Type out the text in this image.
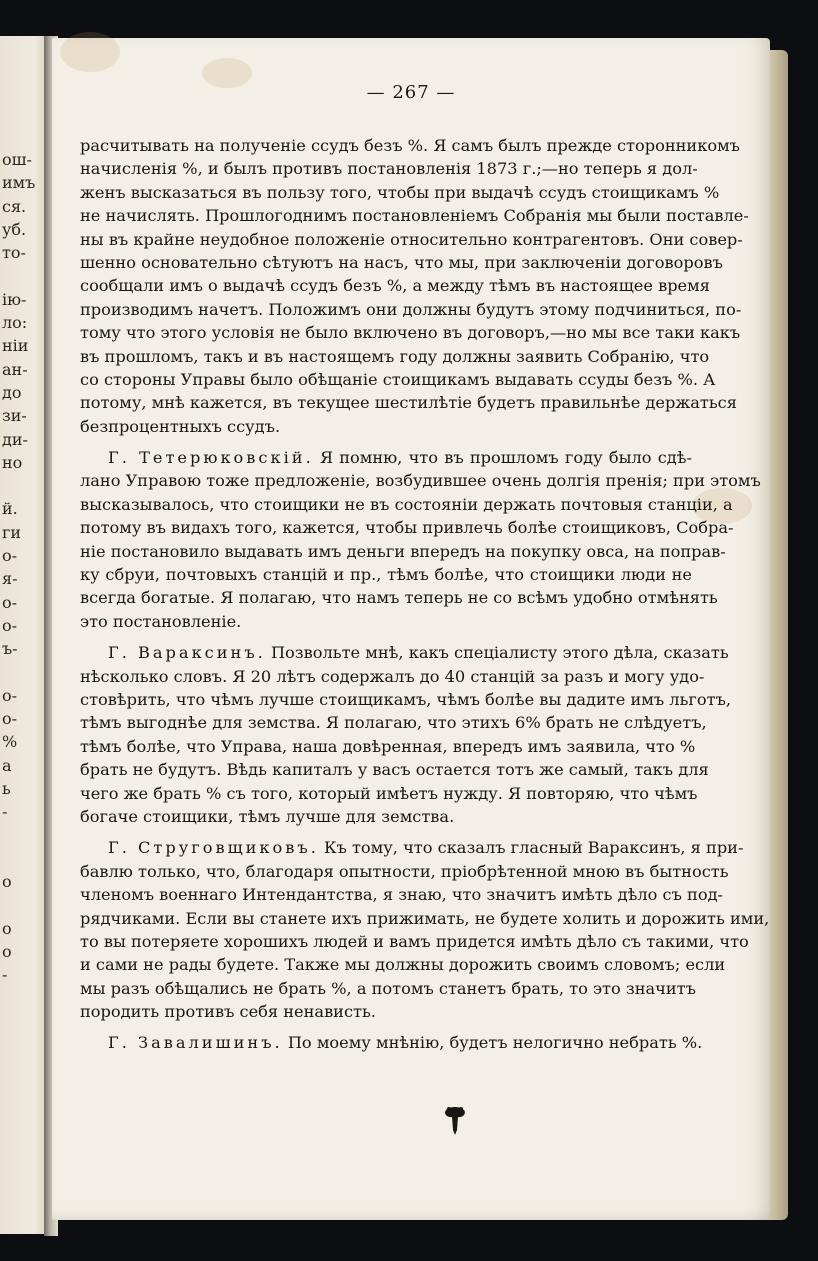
ош-
имъ
ся.
уб.
то-
ію-
ло:
ніи
ан-
до
зи-
ди-
но
й.
ги
о-
я-
о-
о-
ъ-
о-
о-
%
а
ь
-
о
о
о
-
— 267 —
расчитывать на полученіе ссудъ безъ %. Я самъ былъ прежде сторонникомъ
начисленія %, и былъ противъ постановленія 1873 г.;—но теперь я дол-
женъ высказаться въ пользу того, чтобы при выдачѣ ссудъ стоищикамъ %
не начислять. Прошлогоднимъ постановленіемъ Собранія мы были поставле-
ны въ крайне неудобное положеніе относительно контрагентовъ. Они совер-
шенно основательно сѣтуютъ на насъ, что мы, при заключеніи договоровъ
сообщали имъ о выдачѣ ссудъ безъ %, а между тѣмъ въ настоящее время
производимъ начетъ. Положимъ они должны будутъ этому подчиниться, по-
тому что этого условія не было включено въ договоръ,—но мы все таки какъ
въ прошломъ, такъ и въ настоящемъ году должны заявить Собранію, что
со стороны Управы было обѣщаніе стоищикамъ выдавать ссуды безъ %. А
потому, мнѣ кажется, въ текущее шестилѣтіе будетъ правильнѣе держаться
безпроцентныхъ ссудъ.
Г. Тетерюковскій. Я помню, что въ прошломъ году было сдѣ-
лано Управою тоже предложеніе, возбудившее очень долгія пренія; при этомъ
высказывалось, что стоищики не въ состояніи держать почтовыя станціи, а
потому въ видахъ того, кажется, чтобы привлечь болѣе стоищиковъ, Собра-
ніе постановило выдавать имъ деньги впередъ на покупку овса, на поправ-
ку сбруи, почтовыхъ станцій и пр., тѣмъ болѣе, что стоищики люди не
всегда богатые. Я полагаю, что намъ теперь не со всѣмъ удобно отмѣнять
это постановленіе.
Г. Вараксинъ. Позвольте мнѣ, какъ спеціалисту этого дѣла, сказать
нѣсколько словъ. Я 20 лѣтъ содержалъ до 40 станцій за разъ и могу удо-
стовѣрить, что чѣмъ лучше стоищикамъ, чѣмъ болѣе вы дадите имъ льготъ,
тѣмъ выгоднѣе для земства. Я полагаю, что этихъ 6% брать не слѣдуетъ,
тѣмъ болѣе, что Управа, наша довѣренная, впередъ имъ заявила, что %
брать не будутъ. Вѣдь капиталъ у васъ остается тотъ же самый, такъ для
чего же брать % съ того, который имѣетъ нужду. Я повторяю, что чѣмъ
богаче стоищики, тѣмъ лучше для земства.
Г. Струговщиковъ. Къ тому, что сказалъ гласный Вараксинъ, я при-
бавлю только, что, благодаря опытности, пріобрѣтенной мною въ бытность
членомъ военнаго Интендантства, я знаю, что значитъ имѣть дѣло съ под-
рядчиками. Если вы станете ихъ прижимать, не будете холить и дорожить ими,
то вы потеряете хорошихъ людей и вамъ придется имѣть дѣло съ такими, что
и сами не рады будете. Также мы должны дорожить своимъ словомъ; если
мы разъ обѣщались не брать %, а потомъ станетъ брать, то это значитъ
породить противъ себя ненависть.
Г. Завалишинъ. По моему мнѣнію, будетъ нелогично небрать %.
